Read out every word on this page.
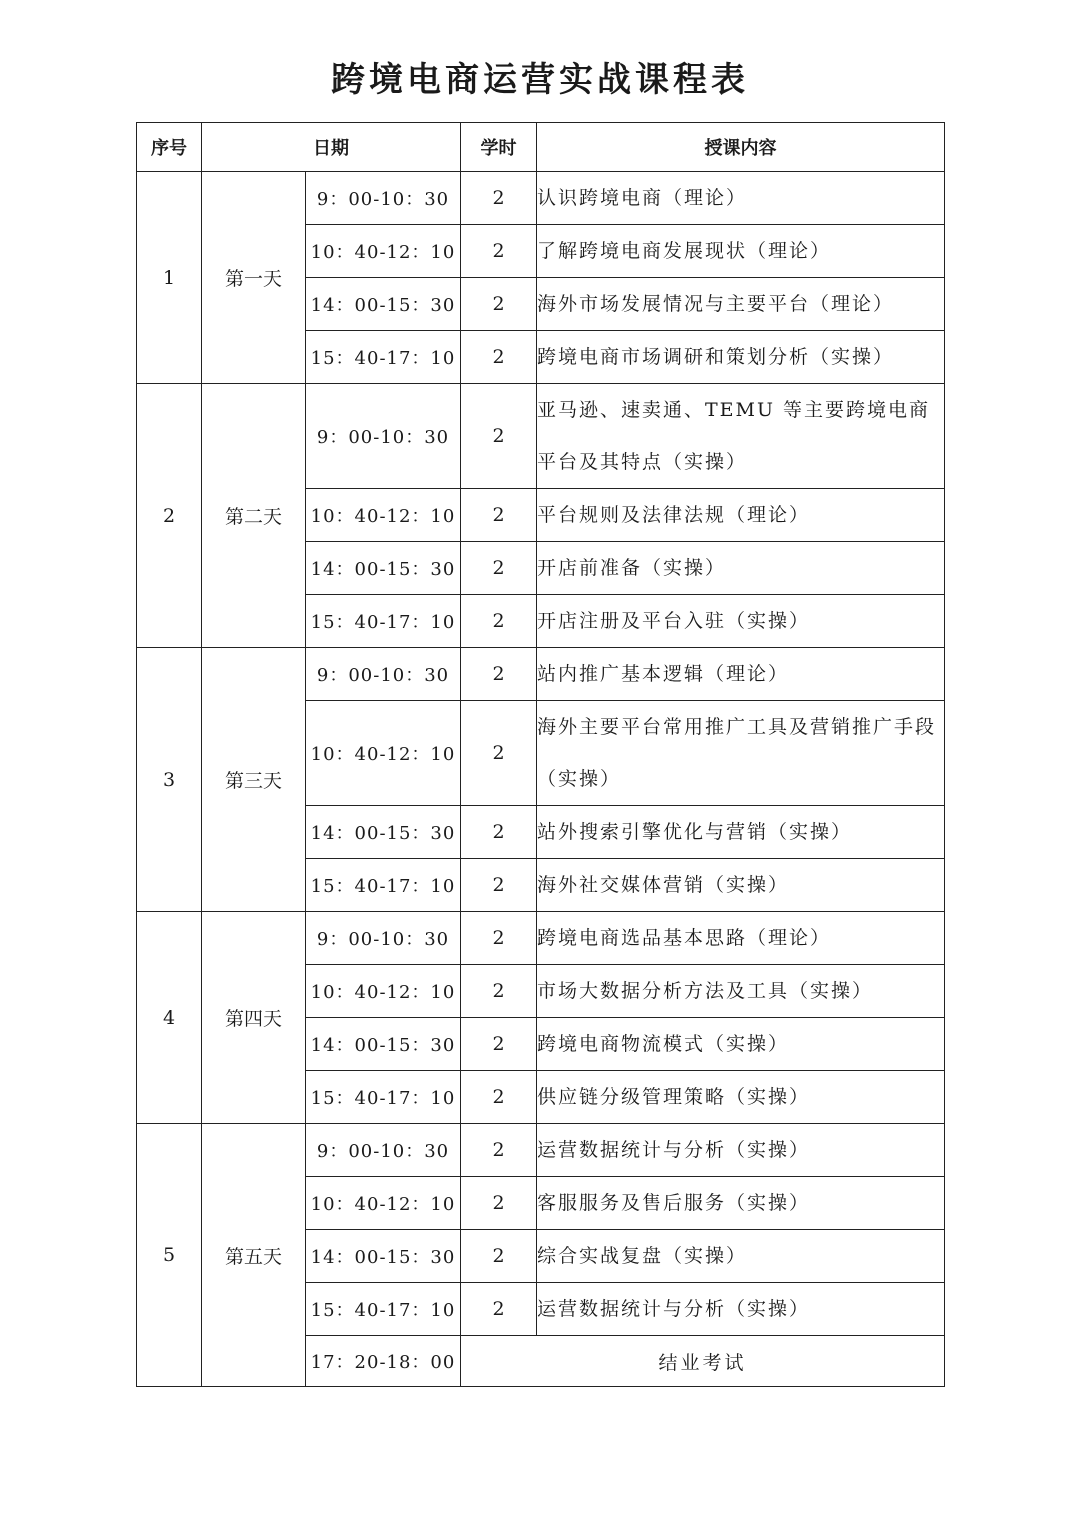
跨境电商运营实战课程表
序号	日期		学时	授课内容
1	第一天	9：00-10：30	2	认识跨境电商（理论）
		10：40-12：10	2	了解跨境电商发展现状（理论）
		14：00-15：30	2	海外市场发展情况与主要平台（理论）
		15：40-17：10	2	跨境电商市场调研和策划分析（实操）
2	第二天	9：00-10：30	2	亚马逊、速卖通、TEMU 等主要跨境电商平台及其特点（实操）
		10：40-12：10	2	平台规则及法律法规（理论）
		14：00-15：30	2	开店前准备（实操）
		15：40-17：10	2	开店注册及平台入驻（实操）
3	第三天	9：00-10：30	2	站内推广基本逻辑（理论）
		10：40-12：10	2	海外主要平台常用推广工具及营销推广手段（实操）
		14：00-15：30	2	站外搜索引擎优化与营销（实操）
		15：40-17：10	2	海外社交媒体营销（实操）
4	第四天	9：00-10：30	2	跨境电商选品基本思路（理论）
		10：40-12：10	2	市场大数据分析方法及工具（实操）
		14：00-15：30	2	跨境电商物流模式（实操）
		15：40-17：10	2	供应链分级管理策略（实操）
5	第五天	9：00-10：30	2	运营数据统计与分析（实操）
		10：40-12：10	2	客服服务及售后服务（实操）
		14：00-15：30	2	综合实战复盘（实操）
		15：40-17：10	2	运营数据统计与分析（实操）
		17：20-18：00	结业考试	
